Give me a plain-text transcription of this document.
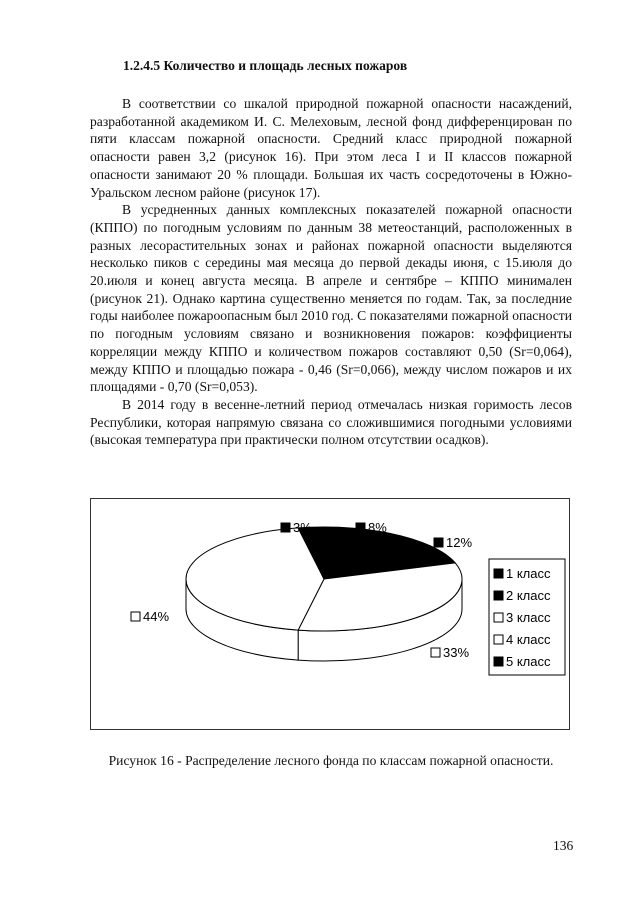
1.2.4.5 Количество и площадь лесных пожаров

В соответствии со шкалой природной пожарной опасности насаждений, разработанной академиком И. С. Мелеховым, лесной фонд дифференцирован по пяти классам пожарной опасности. Средний класс природной пожарной опасности равен 3,2 (рисунок 16). При этом леса I и II классов пожарной опасности занимают 20 % площади. Большая их часть сосредоточены в Южно-Уральском лесном районе (рисунок 17).

В усредненных данных комплексных показателей пожарной опасности (КППО) по погодным условиям по данным 38 метеостанций, расположенных в разных лесорастительных зонах и районах пожарной опасности выделяются несколько пиков с середины мая месяца до первой декады июня, с 15.июля до 20.июля и конец августа месяца. В апреле и сентябре – КППО минимален (рисунок 21). Однако картина существенно меняется по годам. Так, за последние годы наиболее пожароопасным был 2010 год. С показателями пожарной опасности по погодным условиям связано и возникновения пожаров: коэффициенты корреляции между КППО и количеством пожаров составляют 0,50 (Sr=0,064), между КППО и площадью пожара - 0,46 (Sr=0,066), между числом пожаров и их площадями - 0,70 (Sr=0,053).

В 2014 году в весенне-летний период отмечалась низкая горимость лесов Республики, которая напрямую связана со сложившимися погодными условиями (высокая температура при практически полном отсутствии осадков).

8%
12%
33%
44%
3%
1 класс
2 класс
3 класс
4 класс
5 класс
Рисунок 16 - Распределение лесного фонда по классам пожарной опасности.
136
